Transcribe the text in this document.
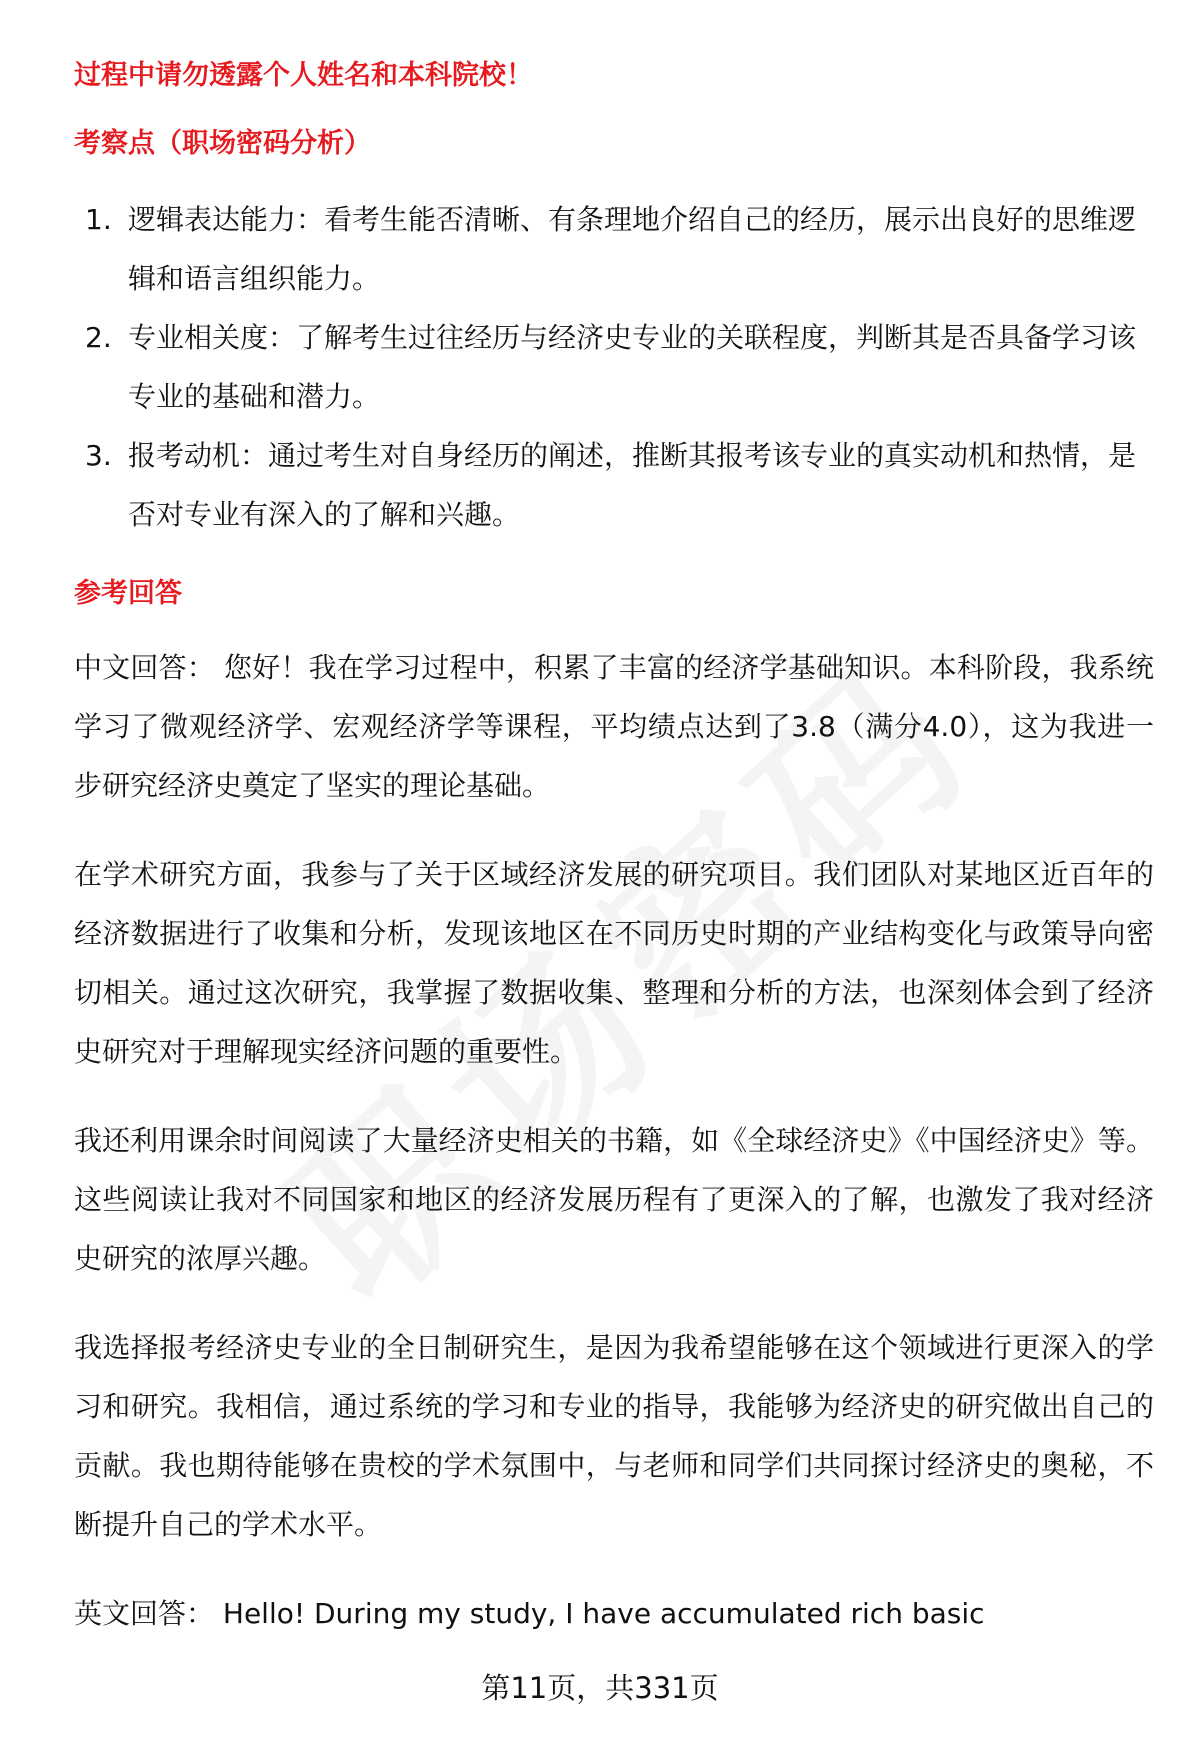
过程中请勿透露个人姓名和本科院校！
考察点（职场密码分析）
1. 逻辑表达能力：看考生能否清晰、有条理地介绍自己的经历，展示出良好的思维逻辑和语言组织能力。
2. 专业相关度：了解考生过往经历与经济史专业的关联程度，判断其是否具备学习该专业的基础和潜力。
3. 报考动机：通过考生对自身经历的阐述，推断其报考该专业的真实动机和热情，是否对专业有深入的了解和兴趣。
参考回答

中文回答： 您好！我在学习过程中，积累了丰富的经济学基础知识。本科阶段，我系统学习了微观经济学、宏观经济学等课程，平均绩点达到了3.8（满分4.0），这为我进一步研究经济史奠定了坚实的理论基础。

在学术研究方面，我参与了关于区域经济发展的研究项目。我们团队对某地区近百年的经济数据进行了收集和分析，发现该地区在不同历史时期的产业结构变化与政策导向密切相关。通过这次研究，我掌握了数据收集、整理和分析的方法，也深刻体会到了经济史研究对于理解现实经济问题的重要性。

我还利用课余时间阅读了大量经济史相关的书籍，如《全球经济史》《中国经济史》等。这些阅读让我对不同国家和地区的经济发展历程有了更深入的了解，也激发了我对经济史研究的浓厚兴趣。

我选择报考经济史专业的全日制研究生，是因为我希望能够在这个领域进行更深入的学习和研究。我相信，通过系统的学习和专业的指导，我能够为经济史的研究做出自己的贡献。我也期待能够在贵校的学术氛围中，与老师和同学们共同探讨经济史的奥秘，不断提升自己的学术水平。

英文回答： Hello! During my study, I have accumulated rich basic

第11页，共331页
